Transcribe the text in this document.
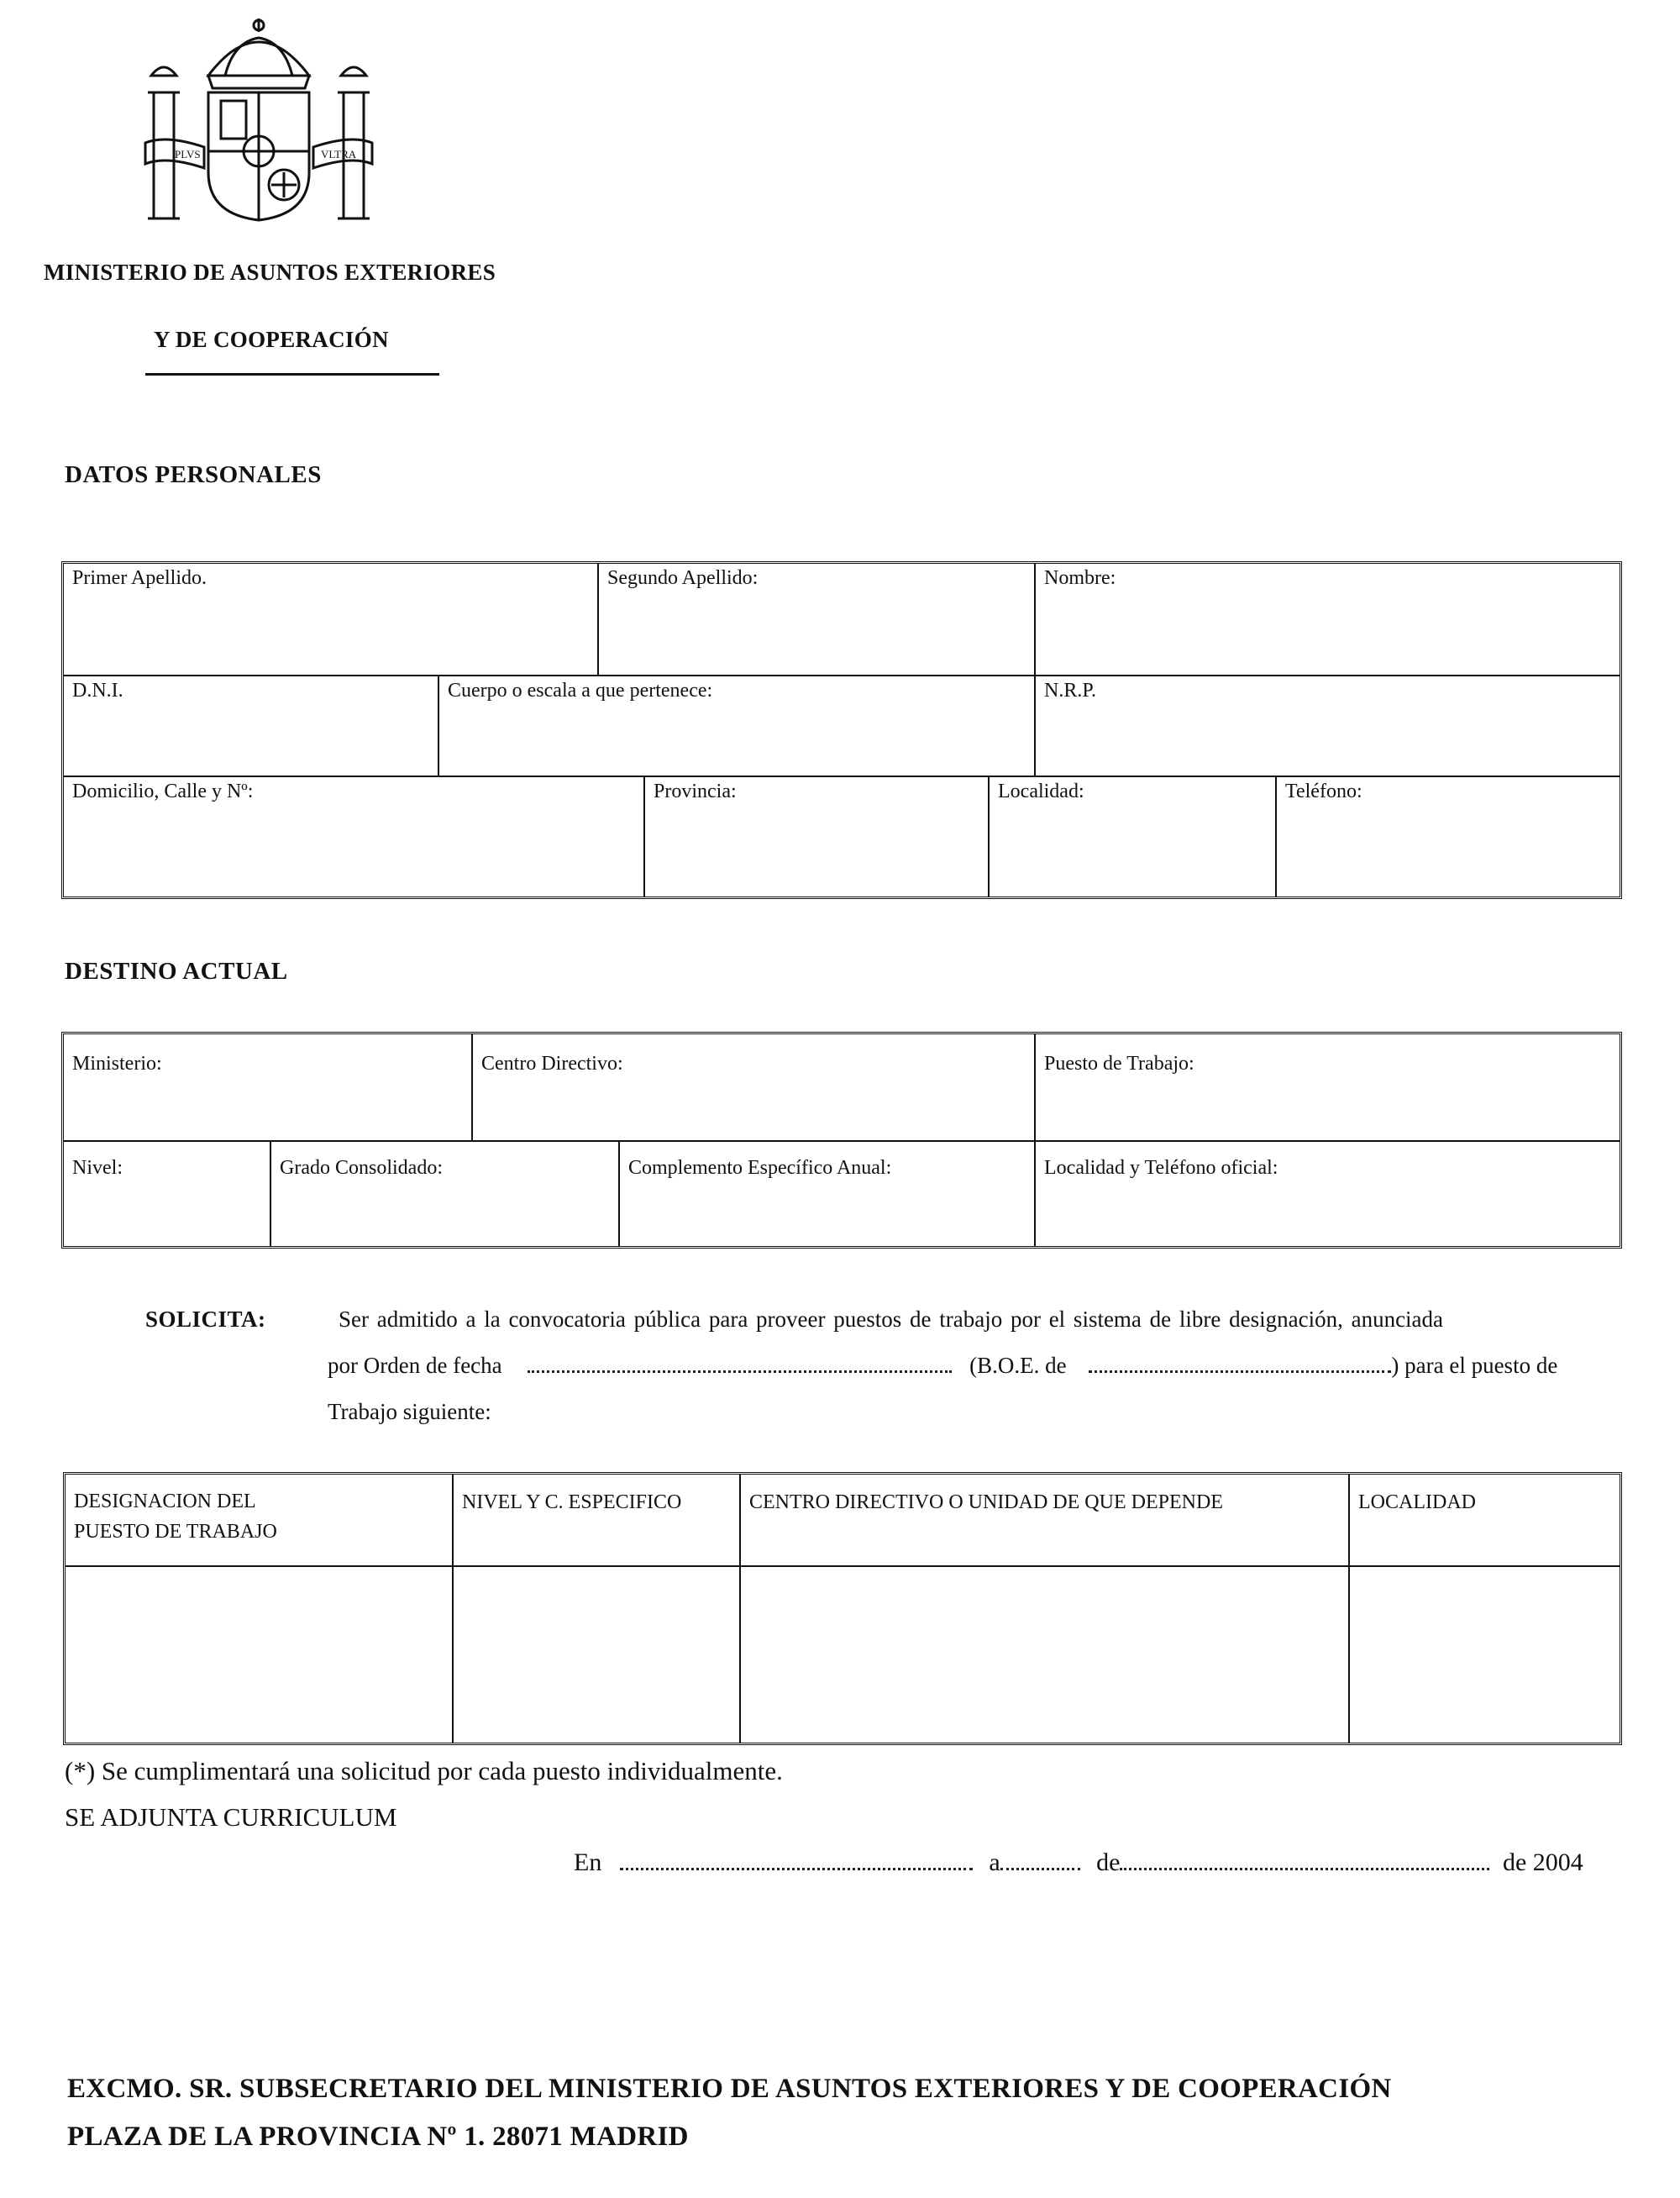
PLVS	VLTRA
MINISTERIO DE ASUNTOS EXTERIORES
Y DE COOPERACIÓN
DATOS PERSONALES
Primer Apellido.	Segundo Apellido:	Nombre:
D.N.I.	Cuerpo o escala a que pertenece:	N.R.P.
Domicilio, Calle y Nº:	Provincia:	Localidad:	Teléfono:
DESTINO ACTUAL
Ministerio:	Centro Directivo:	Puesto de Trabajo:
Nivel:	Grado Consolidado:	Complemento Específico Anual:	Localidad y Teléfono oficial:
SOLICITA:	Ser admitido a la convocatoria pública para proveer puestos de trabajo por el sistema de libre designación, anunciada
por Orden de fecha	(B.O.E. de	) para el puesto de
Trabajo siguiente:
DESIGNACION DEL
PUESTO DE TRABAJO
NIVEL Y C. ESPECIFICO	CENTRO DIRECTIVO O UNIDAD DE QUE DEPENDE	LOCALIDAD
(*) Se cumplimentará una solicitud por cada puesto individualmente.
SE ADJUNTA CURRICULUM
En	a	de	de 2004
EXCMO. SR. SUBSECRETARIO DEL MINISTERIO DE ASUNTOS EXTERIORES Y DE COOPERACIÓN
PLAZA DE LA PROVINCIA Nº 1. 28071 MADRID
